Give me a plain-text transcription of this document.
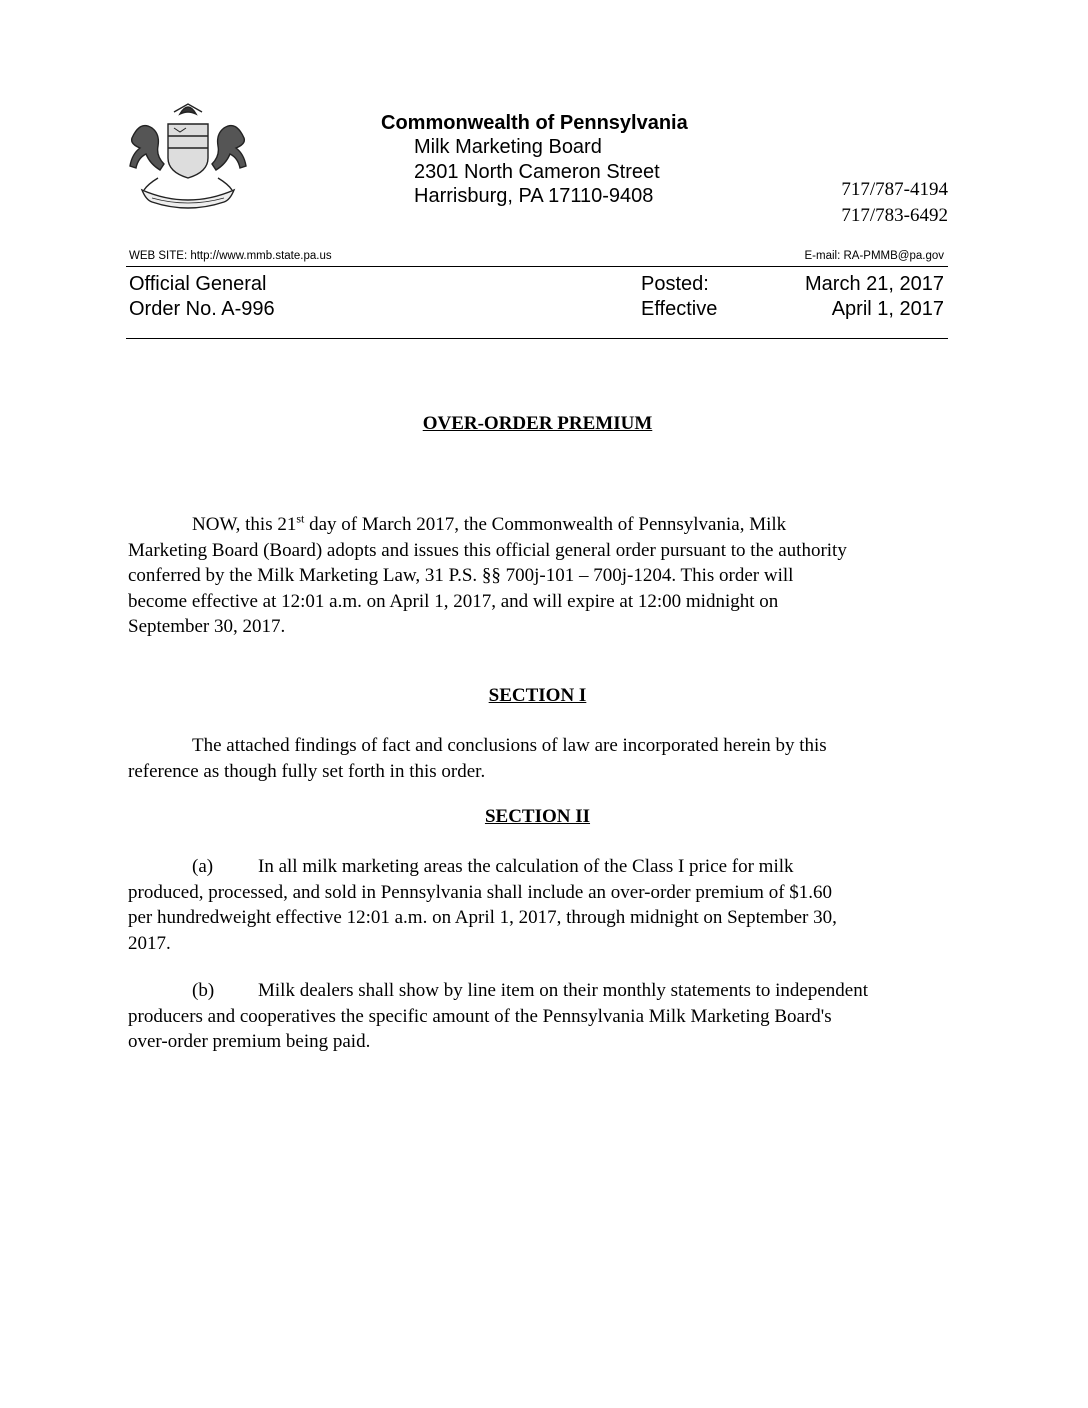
Commonwealth of Pennsylvania
Milk Marketing Board
2301 North Cameron Street
Harrisburg, PA 17110-9408	717/787-4194
717/783-6492
WEB SITE: http://www.mmb.state.pa.us	E-mail: RA-PMMB@pa.gov
Official General
Order No. A-996
Posted:
Effective
March 21, 2017
April 1, 2017
OVER-ORDER PREMIUM
NOW, this 21st day of March 2017, the Commonwealth of Pennsylvania, Milk
Marketing Board (Board) adopts and issues this official general order pursuant to the authority
conferred by the Milk Marketing Law, 31 P.S. §§ 700j-101 – 700j-1204. This order will
become effective at 12:01 a.m. on April 1, 2017, and will expire at 12:00 midnight on
September 30, 2017.
SECTION I
The attached findings of fact and conclusions of law are incorporated herein by this
reference as though fully set forth in this order.
SECTION II
(a) In all milk marketing areas the calculation of the Class I price for milk
produced, processed, and sold in Pennsylvania shall include an over-order premium of $1.60
per hundredweight effective 12:01 a.m. on April 1, 2017, through midnight on September 30,
2017.
(b) Milk dealers shall show by line item on their monthly statements to independent
producers and cooperatives the specific amount of the Pennsylvania Milk Marketing Board's
over-order premium being paid.
